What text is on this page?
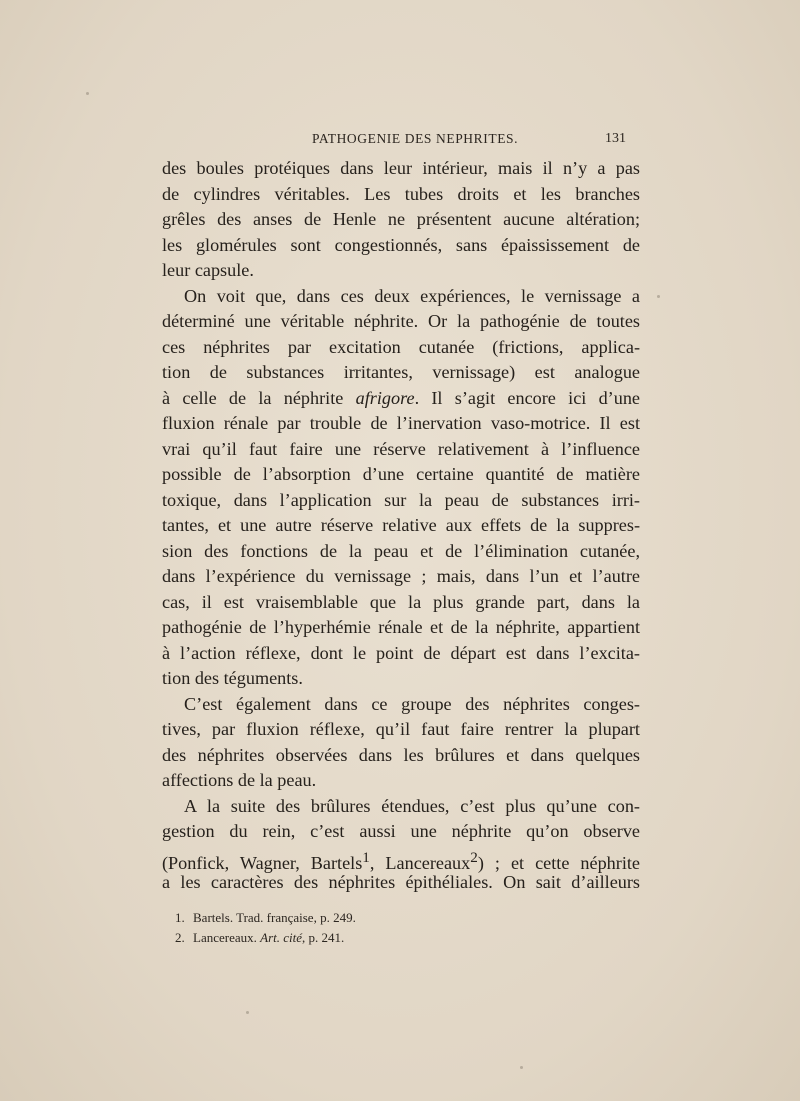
PATHOGENIE DES NEPHRITES.	131
des boules protéiques dans leur intérieur, mais il n’y a pas
de cylindres véritables. Les tubes droits et les branches
grêles des anses de Henle ne présentent aucune altération;
les glomérules sont congestionnés, sans épaississement de
leur capsule.
On voit que, dans ces deux expériences, le vernissage a
déterminé une véritable néphrite. Or la pathogénie de toutes
ces néphrites par excitation cutanée (frictions, applica-
tion de substances irritantes, vernissage) est analogue
à celle de la néphrite afrigore. Il s’agit encore ici d’une
fluxion rénale par trouble de l’inervation vaso-motrice. Il est
vrai qu’il faut faire une réserve relativement à l’influence
possible de l’absorption d’une certaine quantité de matière
toxique, dans l’application sur la peau de substances irri-
tantes, et une autre réserve relative aux effets de la suppres-
sion des fonctions de la peau et de l’élimination cutanée,
dans l’expérience du vernissage ; mais, dans l’un et l’autre
cas, il est vraisemblable que la plus grande part, dans la
pathogénie de l’hyperhémie rénale et de la néphrite, appartient
à l’action réflexe, dont le point de départ est dans l’excita-
tion des téguments.
C’est également dans ce groupe des néphrites conges-
tives, par fluxion réflexe, qu’il faut faire rentrer la plupart
des néphrites observées dans les brûlures et dans quelques
affections de la peau.
A la suite des brûlures étendues, c’est plus qu’une con-
gestion du rein, c’est aussi une néphrite qu’on observe
(Ponfick, Wagner, Bartels$^1$, Lancereaux$^2$) ; et cette néphrite
a les caractères des néphrites épithéliales. On sait d’ailleurs
1. Bartels. Trad. française, p. 249.
2. Lancereaux. Art. cité, p. 241.
